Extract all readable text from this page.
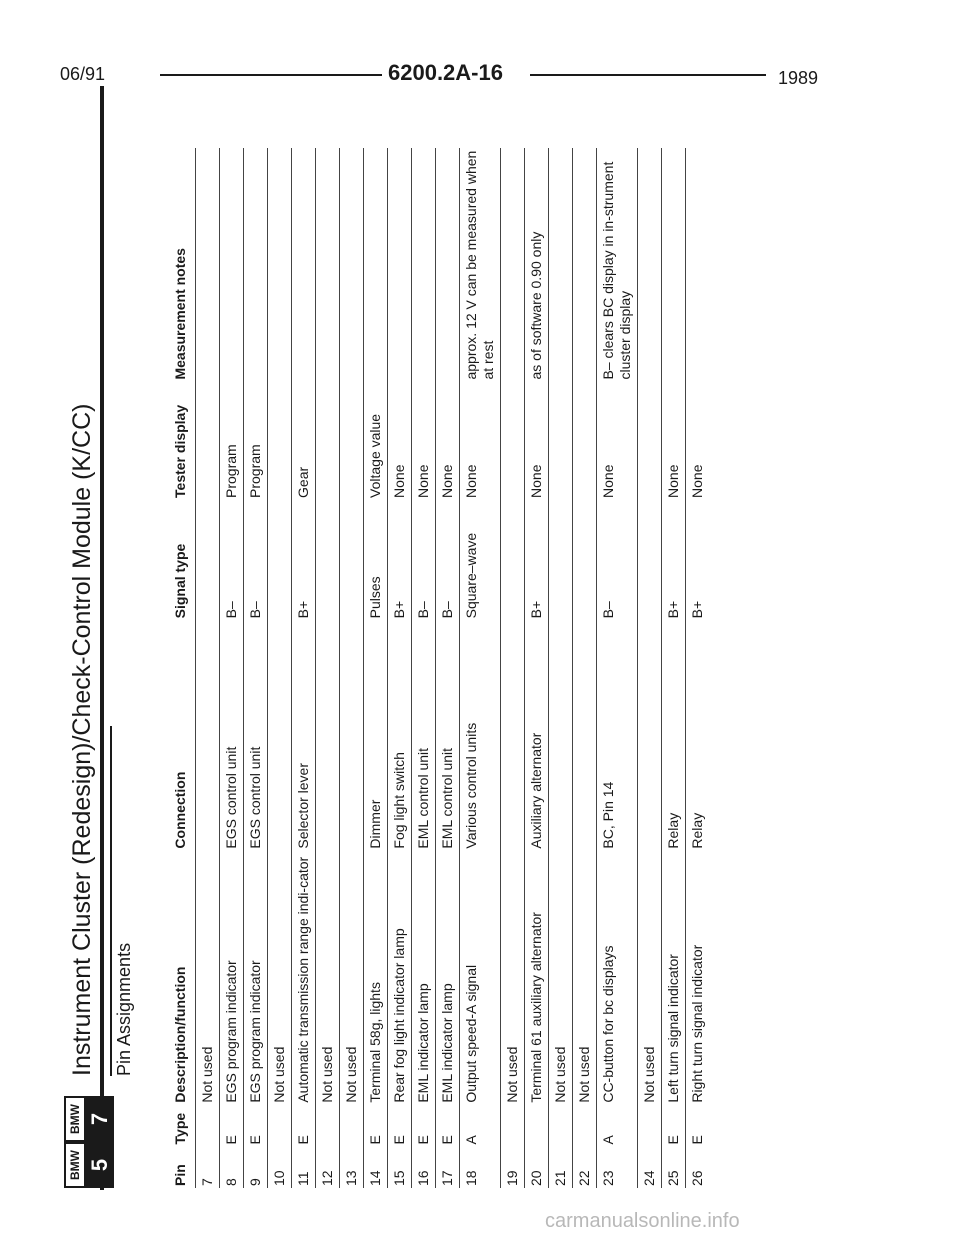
06/91	6200.2A-16	1989
BMW
BMW
5
7
Instrument Cluster (Redesign)/Check-Control Module (K/CC) Pin Assignments
Pin	Type	Description/function	Connection	Signal type	Tester display	Measurement notes
7		Not used				
8	E	EGS program indicator	EGS control unit	B–	Program	
9	E	EGS program indicator	EGS control unit	B–	Program	
10		Not used				
11	E	Automatic transmission range indi-cator	Selector lever	B+	Gear	
12		Not used				
13		Not used				
14	E	Terminal 58g, lights	Dimmer	Pulses	Voltage value	
15	E	Rear fog light indicator lamp	Fog light switch	B+	None	
16	E	EML indicator lamp	EML control unit	B–	None	
17	E	EML indicator lamp	EML control unit	B–	None	
18	A	Output speed-A signal	Various control units	Square–wave	None	approx. 12 V can be measured when at rest
19		Not used				
20		Terminal 61 auxiliary alternator	Auxiliary alternator	B+	None	as of software 0.90 only
21		Not used				
22		Not used				
23	A	CC-button for bc displays	BC, Pin 14	B–	None	B– clears BC display in in-strument cluster display
24		Not used				
25	E	Left turn signal indicator	Relay	B+	None	
26	E	Right turn signal indicator	Relay	B+	None	
carmanualsonline.info
